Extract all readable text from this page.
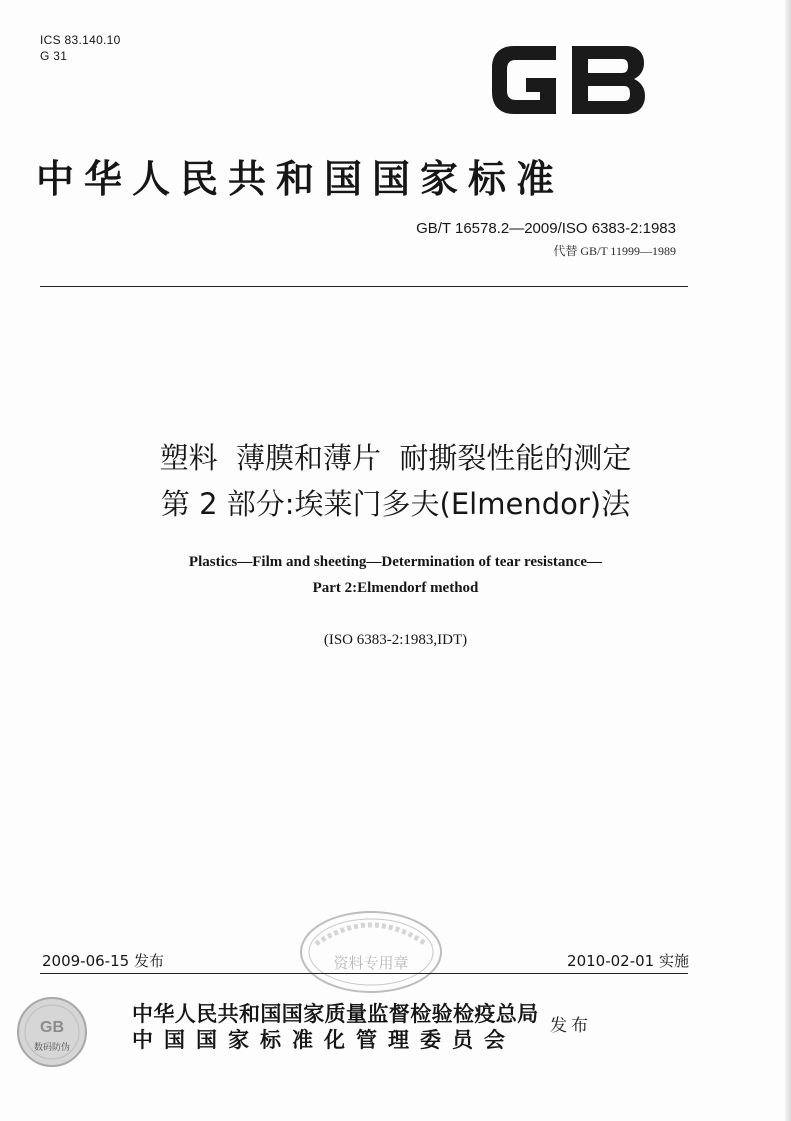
ICS 83.140.10
G 31
中华人民共和国国家标准
GB/T 16578.2—2009/ISO 6383-2:1983
代替 GB/T 11999—1989
塑料  薄膜和薄片  耐撕裂性能的测定
第 2 部分:埃莱门多夫(Elmendor)法
Plastics—Film and sheeting—Determination of tear resistance—
Part 2:Elmendorf method
(ISO 6383-2:1983,IDT)
资料专用章
2009-06-15 发布	2010-02-01 实施
GB
数码防伪
中华人民共和国国家质量监督检验检疫总局
中国国家标准化管理委员会
发布
